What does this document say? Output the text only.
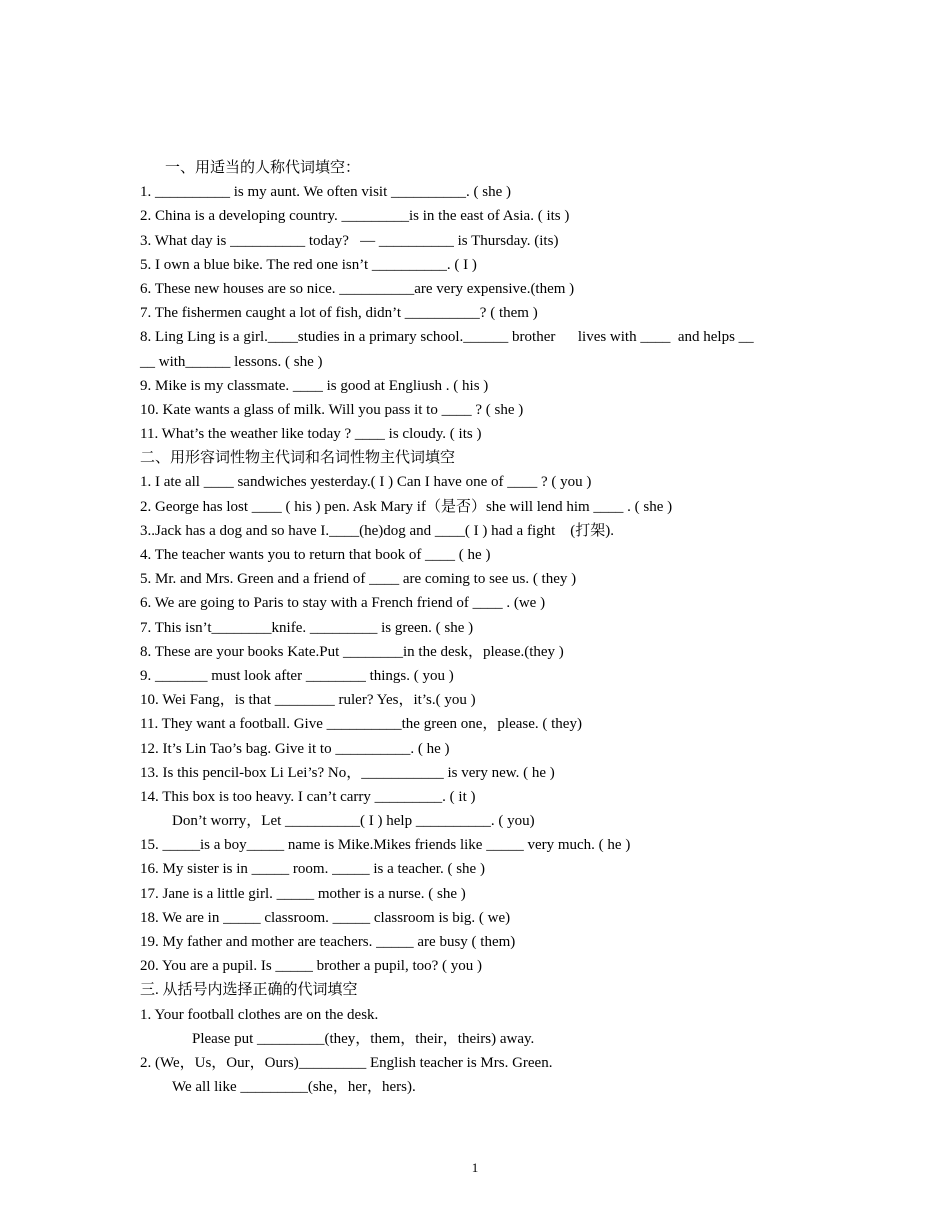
一、用适当的人称代词填空：
1. __________ is my aunt. We often visit __________. ( she )
2. China is a developing country. _________is in the east of Asia. ( its )
3. What day is __________ today?   — __________ is Thursday. (its)
5. I own a blue bike. The red one isn’t __________. ( I )
6. These new houses are so nice. __________are very expensive.(them )
7. The fishermen caught a lot of fish, didn’t __________? ( them )
8. Ling Ling is a girl.____studies in a primary school.______ brother      lives with ____  and helps __
__ with______ lessons. ( she )
9. Mike is my classmate. ____ is good at Engliush . ( his )
10. Kate wants a glass of milk. Will you pass it to ____ ? ( she )
11. What’s the weather like today ? ____ is cloudy. ( its )
二、用形容词性物主代词和名词性物主代词填空
1. I ate all ____ sandwiches yesterday.( I ) Can I have one of ____ ? ( you )
2. George has lost ____ ( his ) pen. Ask Mary if（是否）she will lend him ____ . ( she )
3..Jack has a dog and so have I.____(he)dog and ____( I ) had a fight    (打架).
4. The teacher wants you to return that book of ____ ( he )
5. Mr. and Mrs. Green and a friend of ____ are coming to see us. ( they )
6. We are going to Paris to stay with a French friend of ____ . (we )
7. This isn’t________knife. _________ is green. ( she )
8. These are your books Kate.Put ________in the desk，please.(they )
9. _______ must look after ________ things. ( you )
10. Wei Fang，is that ________ ruler? Yes，it’s.( you )
11. They want a football. Give __________the green one，please. ( they)
12. It’s Lin Tao’s bag. Give it to __________. ( he )
13. Is this pencil-box Li Lei’s? No，___________ is very new. ( he )
14. This box is too heavy. I can’t carry _________. ( it )
Don’t worry，Let __________( I ) help __________. ( you)
15. _____is a boy_____ name is Mike.Mikes friends like _____ very much. ( he )
16. My sister is in _____ room. _____ is a teacher. ( she )
17. Jane is a little girl. _____ mother is a nurse. ( she )
18. We are in _____ classroom. _____ classroom is big. ( we)
19. My father and mother are teachers. _____ are busy ( them)
20. You are a pupil. Is _____ brother a pupil, too? ( you )
三. 从括号内选择正确的代词填空
1. Your football clothes are on the desk.
Please put _________(they，them，their，theirs) away.
2. (We，Us，Our，Ours)_________ English teacher is Mrs. Green.
We all like _________(she，her，hers).
1
